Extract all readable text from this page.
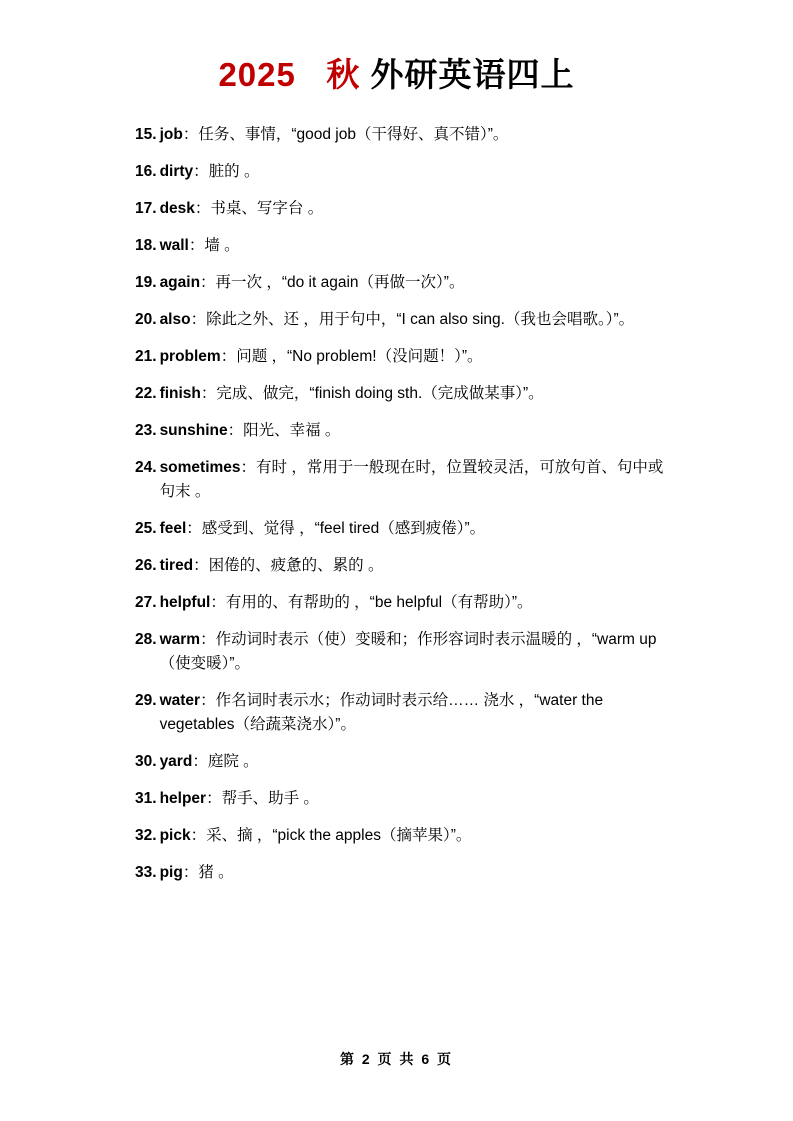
2025 秋 外研英语四上
15. job：任务、事情，“good job（干得好、真不错）”。
16. dirty：脏的 。
17. desk：书桌、写字台 。
18. wall：墙 。
19. again：再一次 ，“do it again（再做一次）”。
20. also：除此之外、还 ，用于句中，“I can also sing.（我也会唱歌。）”。
21. problem：问题 ，“No problem!（没问题！）”。
22. finish：完成、做完，“finish doing sth.（完成做某事）”。
23. sunshine：阳光、幸福 。
24. sometimes：有时 ，常用于一般现在时，位置较灵活，可放句首、句中或句末 。
25. feel：感受到、觉得 ，“feel tired（感到疲倦）”。
26. tired：困倦的、疲惫的、累的 。
27. helpful：有用的、有帮助的 ，“be helpful（有帮助）”。
28. warm：作动词时表示（使）变暖和；作形容词时表示温暖的 ，“warm up（使变暖）”。
29. water：作名词时表示水；作动词时表示给…… 浇水 ，“water the vegetables（给蔬菜浇水）”。
30. yard：庭院 。
31. helper：帮手、助手 。
32. pick：采、摘 ，“pick the apples（摘苹果）”。
33. pig：猪 。
第 2 页 共 6 页
